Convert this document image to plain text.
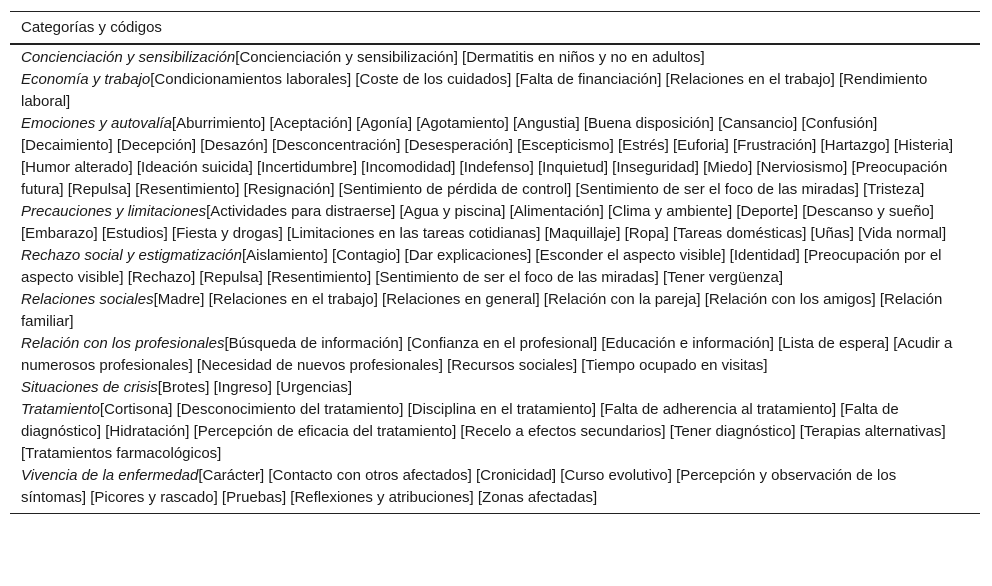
Categorías y códigos
Concienciación y sensibilización[Concienciación y sensibilización] [Dermatitis en niños y no en adultos]
Economía y trabajo[Condicionamientos laborales] [Coste de los cuidados] [Falta de financiación] [Relaciones en el trabajo] [Rendimiento laboral]
Emociones y autovalía[Aburrimiento] [Aceptación] [Agonía] [Agotamiento] [Angustia] [Buena disposición] [Cansancio] [Confusión] [Decaimiento] [Decepción] [Desazón] [Desconcentración] [Desesperación] [Escepticismo] [Estrés] [Euforia] [Frustración] [Hartazgo] [Histeria] [Humor alterado] [Ideación suicida] [Incertidumbre] [Incomodidad] [Indefenso] [Inquietud] [Inseguridad] [Miedo] [Nerviosismo] [Preocupación futura] [Repulsa] [Resentimiento] [Resignación] [Sentimiento de pérdida de control] [Sentimiento de ser el foco de las miradas] [Tristeza]
Precauciones y limitaciones[Actividades para distraerse] [Agua y piscina] [Alimentación] [Clima y ambiente] [Deporte] [Descanso y sueño] [Embarazo] [Estudios] [Fiesta y drogas] [Limitaciones en las tareas cotidianas] [Maquillaje] [Ropa] [Tareas domésticas] [Uñas] [Vida normal]
Rechazo social y estigmatización[Aislamiento] [Contagio] [Dar explicaciones] [Esconder el aspecto visible] [Identidad] [Preocupación por el aspecto visible] [Rechazo] [Repulsa] [Resentimiento] [Sentimiento de ser el foco de las miradas] [Tener vergüenza]
Relaciones sociales[Madre] [Relaciones en el trabajo] [Relaciones en general] [Relación con la pareja] [Relación con los amigos] [Relación familiar]
Relación con los profesionales[Búsqueda de información] [Confianza en el profesional] [Educación e información] [Lista de espera] [Acudir a numerosos profesionales] [Necesidad de nuevos profesionales] [Recursos sociales] [Tiempo ocupado en visitas]
Situaciones de crisis[Brotes] [Ingreso] [Urgencias]
Tratamiento[Cortisona] [Desconocimiento del tratamiento] [Disciplina en el tratamiento] [Falta de adherencia al tratamiento] [Falta de diagnóstico] [Hidratación] [Percepción de eficacia del tratamiento] [Recelo a efectos secundarios] [Tener diagnóstico] [Terapias alternativas] [Tratamientos farmacológicos]
Vivencia de la enfermedad[Carácter] [Contacto con otros afectados] [Cronicidad] [Curso evolutivo] [Percepción y observación de los síntomas] [Picores y rascado] [Pruebas] [Reflexiones y atribuciones] [Zonas afectadas]
